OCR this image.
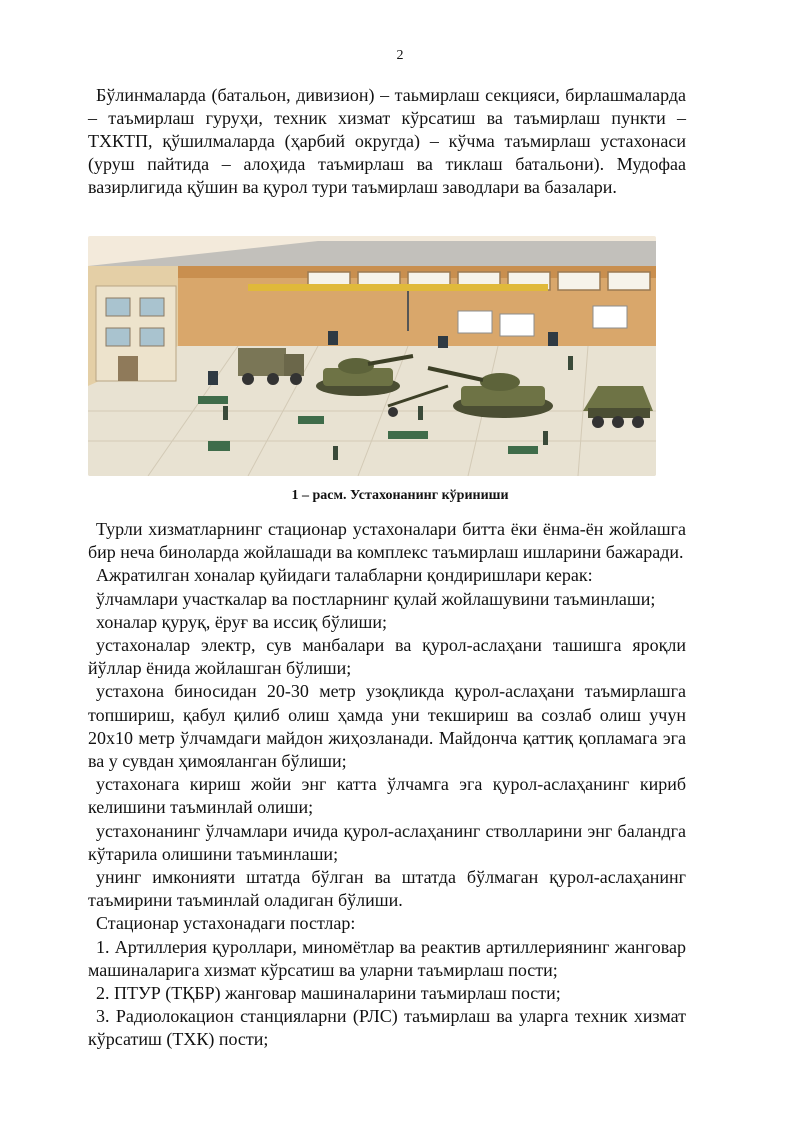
2

Бўлинмаларда (батальон, дивизион) – таьмирлаш секцияси, бирлашмаларда – таъмирлаш гуруҳи, техник хизмат кўрсатиш ва таъмирлаш пункти – ТХКТП, қўшилмаларда (ҳарбий округда) – кўчма таъмирлаш устахонаси (уруш пайтида – алоҳида таъмирлаш ва тиклаш батальони). Мудофаа вазирлигида қўшин ва қурол тури таъмирлаш заводлари ва базалари.

1 – расм. Устахонанинг кўриниши

Турли хизматларнинг стационар устахоналари битта ёки ёнма-ён жойлашга бир неча биноларда жойлашади ва комплекс таъмирлаш ишларини бажаради.

Ажратилган хоналар қуйидаги талабларни қондиришлари керак:

ўлчамлари участкалар ва постларнинг қулай жойлашувини таъминлаши;

хоналар қуруқ, ёруғ ва иссиқ бўлиши;

устахоналар электр, сув манбалари ва қурол-аслаҳани ташишга яроқли йўллар ёнида жойлашган бўлиши;

устахона биносидан 20-30 метр узоқликда қурол-аслаҳани таъмирлашга топшириш, қабул қилиб олиш ҳамда уни текшириш ва созлаб олиш учун 20х10 метр ўлчамдаги майдон жиҳозланади. Майдонча қаттиқ қопламага эга ва у сувдан ҳимояланган бўлиши;

устахонага кириш жойи энг катта ўлчамга эга қурол-аслаҳанинг кириб келишини таъминлай олиши;

устахонанинг ўлчамлари ичида қурол-аслаҳанинг стволларини энг баландга кўтарила олишини таъминлаши;

унинг имконияти штатда бўлган ва штатда бўлмаган қурол-аслаҳанинг таъмирини таъминлай оладиган бўлиши.

Стационар устахонадаги постлар:

1. Артиллерия қуроллари, миномётлар ва реактив артиллериянинг жанговар машиналарига хизмат кўрсатиш ва уларни таъмирлаш пости;

2. ПТУР (ТҚБР) жанговар машиналарини таъмирлаш пости;

3. Радиолокацион станцияларни (РЛС) таъмирлаш ва уларга техник хизмат кўрсатиш (ТХК) пости;
